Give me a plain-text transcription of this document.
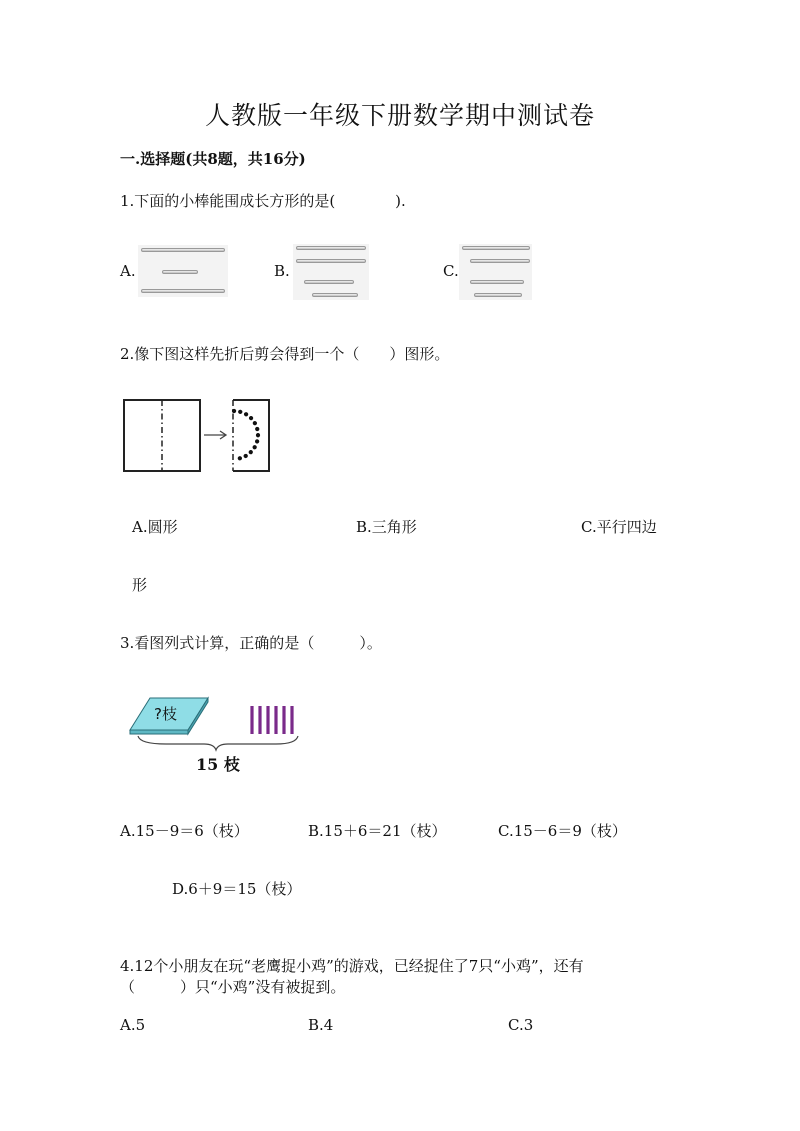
人教版一年级下册数学期中测试卷
一.选择题(共8题，共16分)
1.下面的小棒能围成长方形的是(　　　　).
A.	B.	C.
2.像下图这样先折后剪会得到一个（　　）图形。
A.圆形	B.三角形	C.平行四边
形
3.看图列式计算，正确的是（　　　）。
?枝
15 枝
A.15－9＝6（枝）	B.15＋6＝21（枝）	C.15－6＝9（枝）
D.6＋9＝15（枝）
4.12个小朋友在玩“老鹰捉小鸡”的游戏，已经捉住了7只“小鸡”，还有
（　　　）只“小鸡”没有被捉到。
A.5	B.4	C.3
